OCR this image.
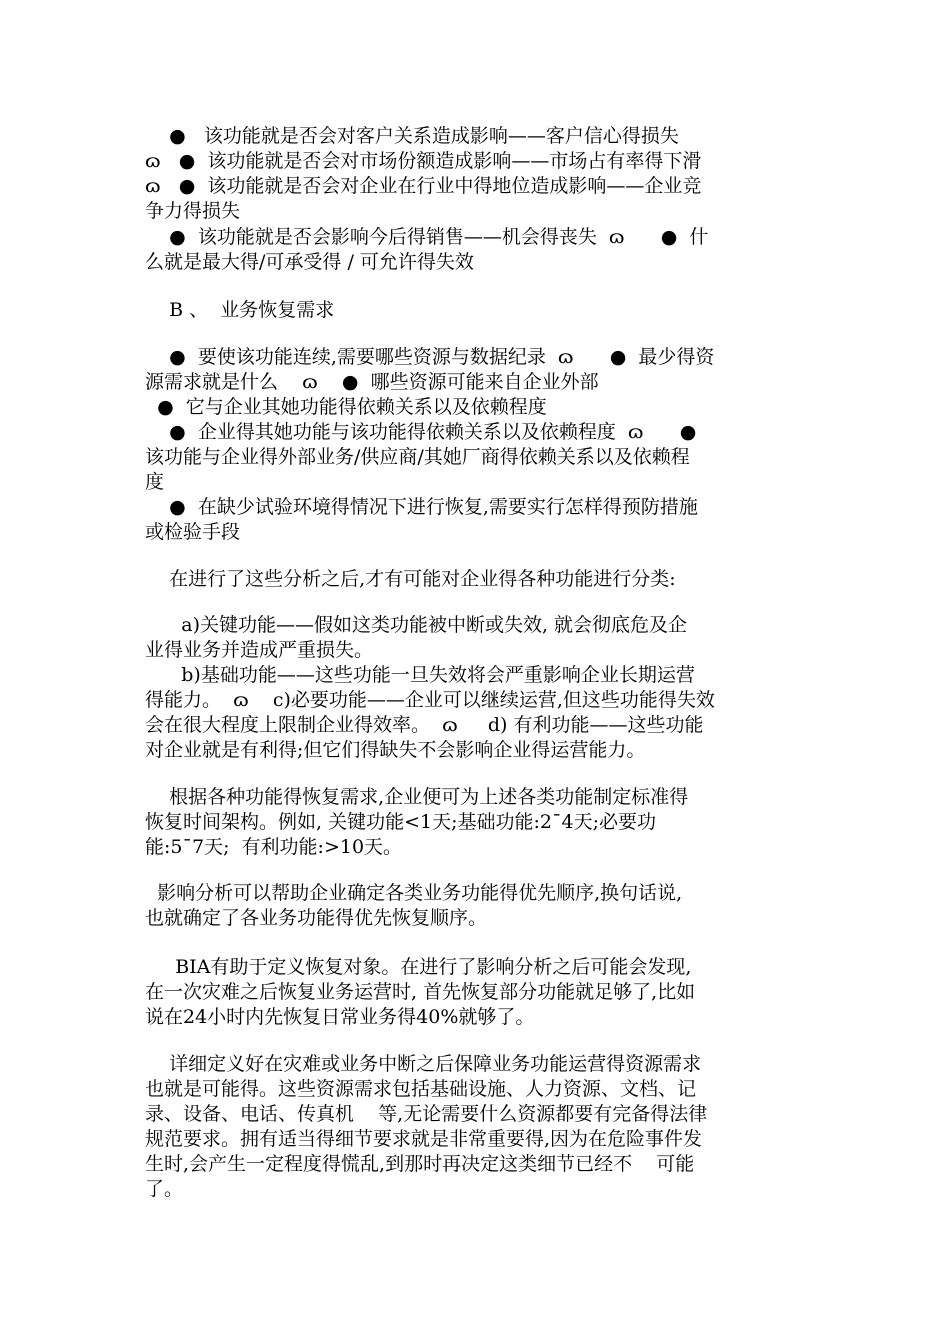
●   该功能就是否会对客户关系造成影响——客户信心得损失
ɷ   ●  该功能就是否会对市场份额造成影响——市场占有率得下滑
ɷ   ●  该功能就是否会对企业在行业中得地位造成影响——企业竞
争力得损失
●  该功能就是否会影响今后得销售——机会得丧失  ɷ      ●  什
么就是最大得/可承受得 / 可允许得失效
B 、  业务恢复需求
●  要使该功能连续,需要哪些资源与数据纪录  ɷ      ●  最少得资
源需求就是什么    ɷ    ●  哪些资源可能来自企业外部
●  它与企业其她功能得依赖关系以及依赖程度
●  企业得其她功能与该功能得依赖关系以及依赖程度  ɷ      ●
该功能与企业得外部业务/供应商/其她厂商得依赖关系以及依赖程
度
●  在缺少试验环境得情况下进行恢复,需要实行怎样得预防措施
或检验手段
在进行了这些分析之后,才有可能对企业得各种功能进行分类:
a)关键功能——假如这类功能被中断或失效, 就会彻底危及企
业得业务并造成严重损失。
b)基础功能——这些功能一旦失效将会严重影响企业长期运营
得能力。  ɷ    c)必要功能——企业可以继续运营,但这些功能得失效
会在很大程度上限制企业得效率。  ɷ     d) 有利功能——这些功能
对企业就是有利得;但它们得缺失不会影响企业得运营能力。
根据各种功能得恢复需求,企业便可为上述各类功能制定标准得
恢复时间架构。例如, 关键功能<1天;基础功能:2¯4天;必要功
能:5¯7天;  有利功能:>10天。
影响分析可以帮助企业确定各类业务功能得优先顺序,换句话说,
也就确定了各业务功能得优先恢复顺序。
BIA有助于定义恢复对象。在进行了影响分析之后可能会发现,
在一次灾难之后恢复业务运营时, 首先恢复部分功能就足够了,比如
说在24小时内先恢复日常业务得40%就够了。
详细定义好在灾难或业务中断之后保障业务功能运营得资源需求
也就是可能得。这些资源需求包括基础设施、人力资源、文档、记
录、设备、电话、传真机    等,无论需要什么资源都要有完备得法律
规范要求。拥有适当得细节要求就是非常重要得,因为在危险事件发
生时,会产生一定程度得慌乱,到那时再决定这类细节已经不    可能
了。
